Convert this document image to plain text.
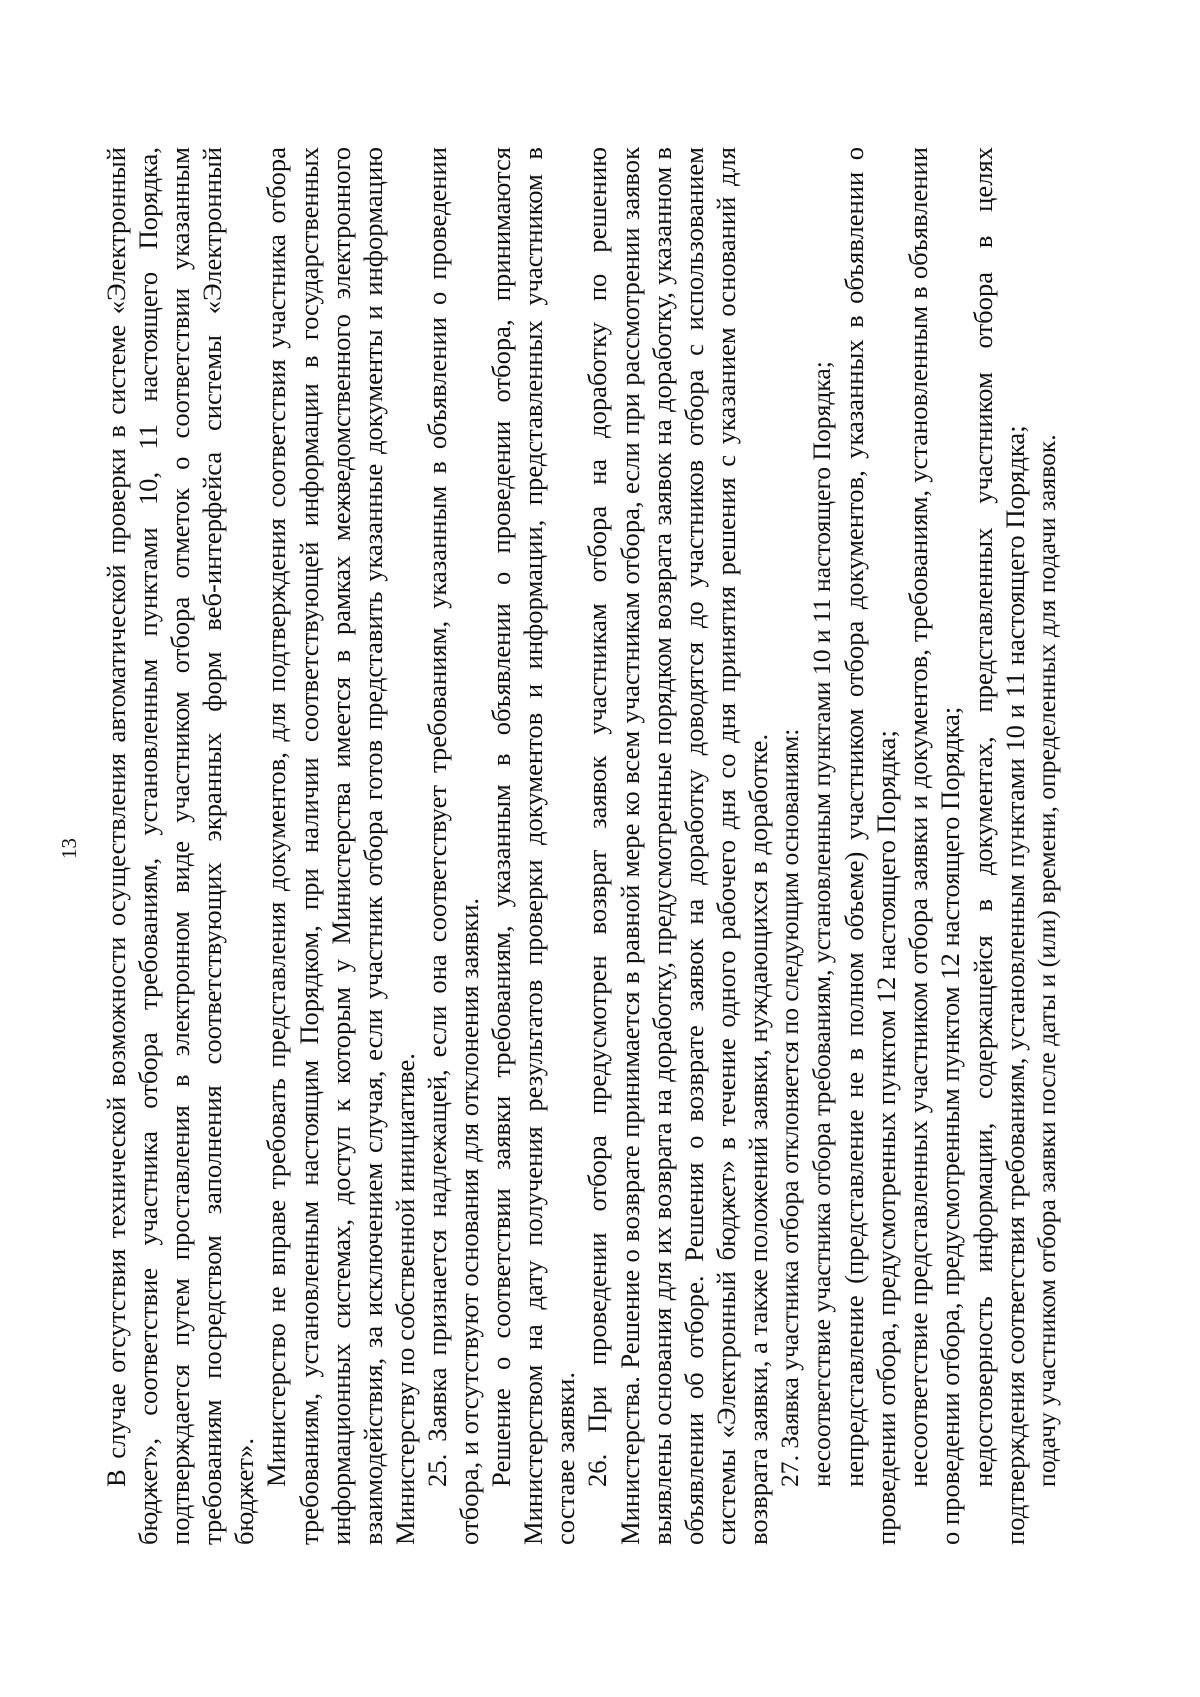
13 В случае отсутствия технической возможности осуществления автоматической проверки в системе «Электронный бюджет», соответствие участника отбора требованиям, установленным пунктами 10, 11 настоящего Порядка, подтверждается путем проставления в электронном виде участником отбора отметок о соответствии указанным требованиям посредством заполнения соответствующих экранных форм веб-интерфейса системы «Электронный бюджет».

Министерство не вправе требовать представления документов, для подтверждения соответствия участника отбора требованиям, установленным настоящим Порядком, при наличии соответствующей информации в государственных информационных системах, доступ к которым у Министерства имеется в рамках межведомственного электронного взаимодействия, за исключением случая, если участник отбора готов представить указанные документы и информацию Министерству по собственной инициативе. 25. Заявка признается надлежащей, если она соответствует требованиям, указанным в объявлении о проведении отбора, и отсутствуют основания для отклонения заявки. Решение о соответствии заявки требованиям, указанным в объявлении о проведении отбора, принимаются Министерством на дату получения результатов проверки документов и информации, представленных участником в составе заявки. 26. При проведении отбора предусмотрен возврат заявок участникам отбора на доработку по решению Министерства. Решение о возврате принимается в равной мере ко всем участникам отбора, если при рассмотрении заявок выявлены основания для их возврата на доработку, предусмотренные порядком возврата заявок на доработку, указанном в объявлении об отборе. Решения о возврате заявок на доработку доводятся до участников отбора с использованием системы «Электронный бюджет» в течение одного рабочего дня со дня принятия решения с указанием оснований для возврата заявки, а также положений заявки, нуждающихся в доработке. 27. Заявка участника отбора отклоняется по следующим основаниям: несоответствие участника отбора требованиям, установленным пунктами 10 и 11 настоящего Порядка; непредставление (представление не в полном объеме) участником отбора документов, указанных в объявлении о проведении отбора, предусмотренных пунктом 12 настоящего Порядка; несоответствие представленных участником отбора заявки и документов, требованиям, установленным в объявлении о проведении отбора, предусмотренным пунктом 12 настоящего Порядка; недостоверность информации, содержащейся в документах, представленных участником отбора в целях подтверждения соответствия требованиям, установленным пунктами 10 и 11 настоящего Порядка; подачу участником отбора заявки после даты и (или) времени, определенных для подачи заявок.
